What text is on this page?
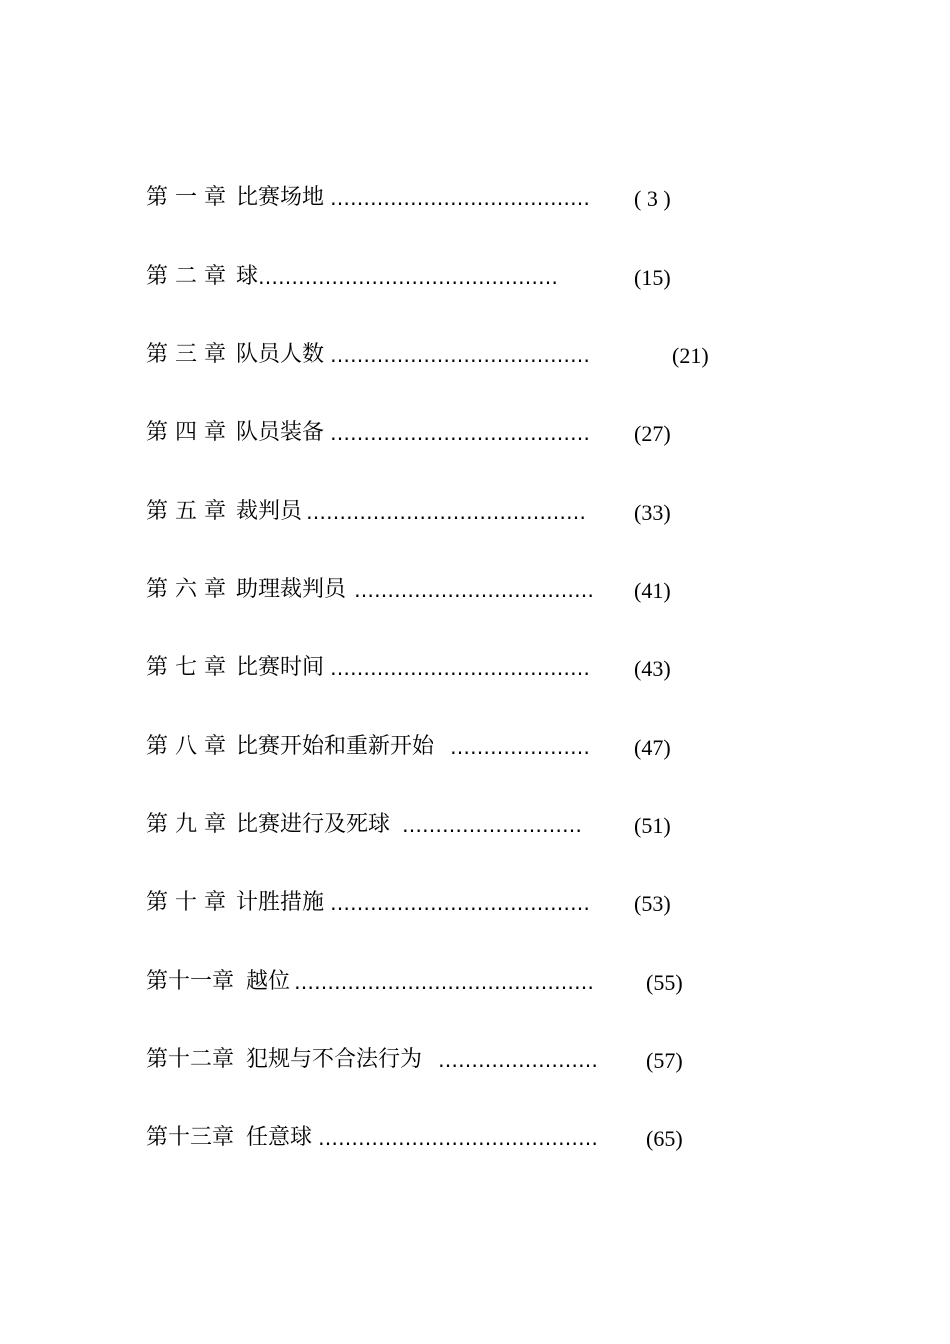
第 一 章 比赛场地 …………………………………	( 3 )
第 二 章 球 ………………………………………	(15)
第 三 章 队员人数 …………………………………	(21)
第 四 章 队员装备 …………………………………	(27)
第 五 章 裁判员 ……………………………………	(33)
第 六 章 助理裁判员 ………………………………	(41)
第 七 章 比赛时间 …………………………………	(43)
第 八 章 比赛开始和重新开始 …………………	(47)
第 九 章 比赛进行及死球 ………………………	(51)
第 十 章 计胜措施 …………………………………	(53)
第十一章 越位 ………………………………………	(55)
第十二章 犯规与不合法行为 ……………………	(57)
第十三章 任意球 ……………………………………	(65)
